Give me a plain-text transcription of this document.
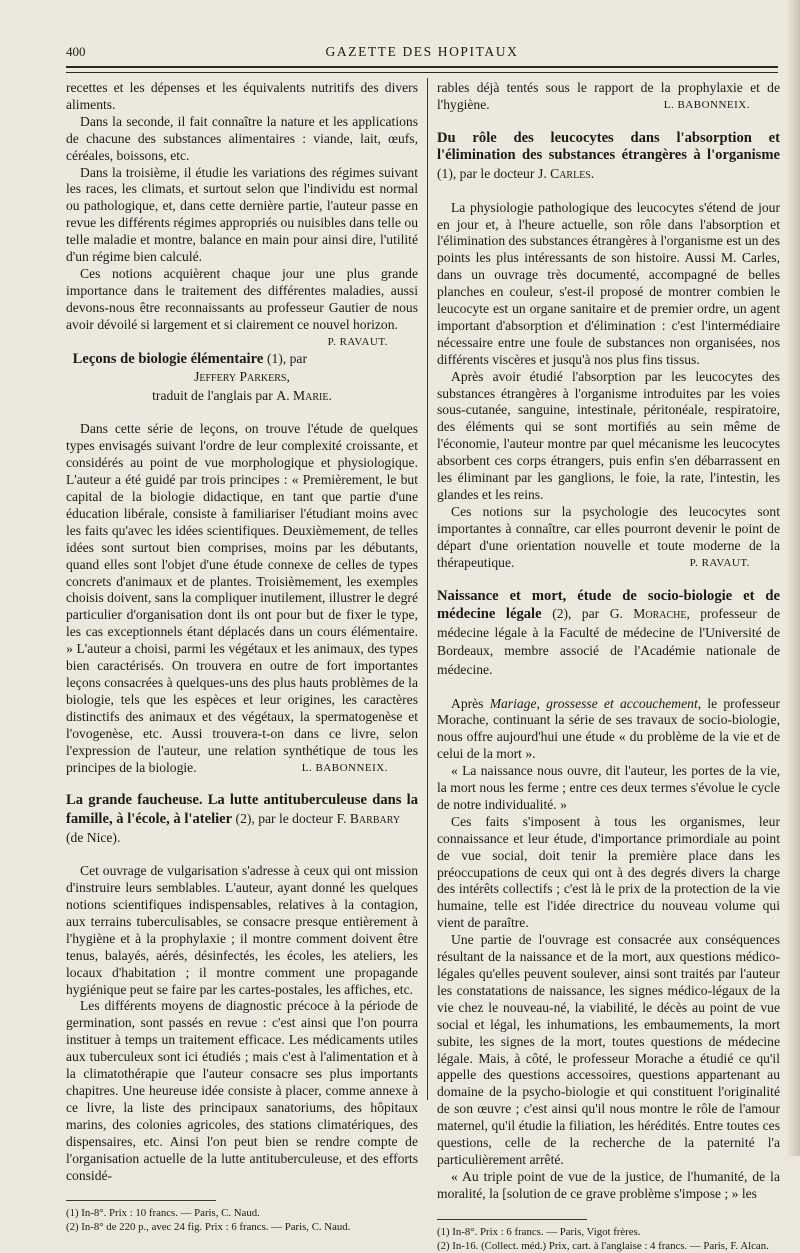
400	GAZETTE DES HOPITAUX

recettes et les dépenses et les équivalents nutritifs des divers aliments.

Dans la seconde, il fait connaître la nature et les applications de chacune des substances alimentaires : viande, lait, œufs, céréales, boissons, etc.

Dans la troisième, il étudie les variations des régimes suivant les races, les climats, et surtout selon que l'individu est normal ou pathologique, et, dans cette dernière partie, l'auteur passe en revue les différents régimes appropriés ou nuisibles dans telle ou telle maladie et montre, balance en main pour ainsi dire, l'utilité d'un régime bien calculé.

Ces notions acquièrent chaque jour une plus grande importance dans le traitement des différentes maladies, aussi devons-nous être reconnaissants au professeur Gautier de nous avoir dévoilé si largement et si clairement ce nouvel horizon.
P. RAVAUT.

Leçons de biologie élémentaire (1), par Jeffery Parkers,
traduit de l'anglais par A. Marie.

Dans cette série de leçons, on trouve l'étude de quelques types envisagés suivant l'ordre de leur complexité croissante, et considérés au point de vue morphologique et physiologique. L'auteur a été guidé par trois principes : « Premièrement, le but capital de la biologie didactique, en tant que partie d'une éducation libérale, consiste à familiariser l'étudiant moins avec les faits qu'avec les idées scientifiques. Deuxièmement, de telles idées sont surtout bien comprises, moins par les débutants, quand elles sont l'objet d'une étude connexe de celles de types concrets d'animaux et de plantes. Troisièmement, les exemples choisis doivent, sans la compliquer inutilement, illustrer le degré particulier d'organisation dont ils ont pour but de fixer le type, les cas exceptionnels étant déplacés dans un cours élémentaire. » L'auteur a choisi, parmi les végétaux et les animaux, des types bien caractérisés. On trouvera en outre de fort importantes leçons consacrées à quelques-uns des plus hauts problèmes de la biologie, tels que les espèces et leur origines, les caractères distinctifs des animaux et des végétaux, la spermatogenèse et l'ovogenèse, etc. Aussi trouvera-t-on dans ce livre, selon l'expression de l'auteur, une relation synthétique de tous les principes de la biologie.	L. BABONNEIX.

La grande faucheuse. La lutte antituberculeuse dans la famille, à l'école, à l'atelier (2), par le docteur F. Barbary
(de Nice).

Cet ouvrage de vulgarisation s'adresse à ceux qui ont mission d'instruire leurs semblables. L'auteur, ayant donné les quelques notions scientifiques indispensables, relatives à la contagion, aux terrains tuberculisables, se consacre presque entièrement à l'hygiène et à la prophylaxie ; il montre comment doivent être tenus, balayés, aérés, désinfectés, les écoles, les ateliers, les locaux d'habitation ; il montre comment une propagande hygiénique peut se faire par les cartes-postales, les affiches, etc.

Les différents moyens de diagnostic précoce à la période de germination, sont passés en revue : c'est ainsi que l'on pourra instituer à temps un traitement efficace. Les médicaments utiles aux tuberculeux sont ici étudiés ; mais c'est à l'alimentation et à la climatothérapie que l'auteur consacre ses plus importants chapitres. Une heureuse idée consiste à placer, comme annexe à ce livre, la liste des principaux sanatoriums, des hôpitaux marins, des colonies agricoles, des stations climatériques, des dispensaires, etc. Ainsi l'on peut bien se rendre compte de l'organisation actuelle de la lutte antituberculeuse, et des efforts considé-

(1) In-8°. Prix : 10 francs. — Paris, C. Naud.

(2) In-8° de 220 p., avec 24 fig. Prix : 6 francs. — Paris, C. Naud.

rables déjà tentés sous le rapport de la prophylaxie et de l'hygiène.	L. BABONNEIX.

Du rôle des leucocytes dans l'absorption et l'élimination des substances étrangères à l'organisme (1), par le docteur J. Carles.

La physiologie pathologique des leucocytes s'étend de jour en jour et, à l'heure actuelle, son rôle dans l'absorption et l'élimination des substances étrangères à l'organisme est un des points les plus intéressants de son histoire. Aussi M. Carles, dans un ouvrage très documenté, accompagné de belles planches en couleur, s'est-il proposé de montrer combien le leucocyte est un organe sanitaire et de premier ordre, un agent important d'absorption et d'élimination : c'est l'intermédiaire nécessaire entre une foule de substances non organisées, nos différents viscères et jusqu'à nos plus fins tissus.

Après avoir étudié l'absorption par les leucocytes des substances étrangères à l'organisme introduites par les voies sous-cutanée, sanguine, intestinale, péritonéale, respiratoire, des éléments qui se sont mortifiés au sein même de l'économie, l'auteur montre par quel mécanisme les leucocytes absorbent ces corps étrangers, puis enfin s'en débarrassent en les éliminant par les ganglions, le foie, la rate, l'intestin, les glandes et les reins.

Ces notions sur la psychologie des leucocytes sont importantes à connaître, car elles pourront devenir le point de départ d'une orientation nouvelle et toute moderne de la thérapeutique.	P. RAVAUT.

Naissance et mort, étude de socio-biologie et de médecine légale (2), par G. Morache, professeur de médecine légale à la Faculté de médecine de l'Université de Bordeaux, membre associé de l'Académie nationale de médecine.

Après Mariage, grossesse et accouchement, le professeur Morache, continuant la série de ses travaux de socio-biologie, nous offre aujourd'hui une étude « du problème de la vie et de celui de la mort ».

« La naissance nous ouvre, dit l'auteur, les portes de la vie, la mort nous les ferme ; entre ces deux termes s'évolue le cycle de notre individualité. »

Ces faits s'imposent à tous les organismes, leur connaissance et leur étude, d'importance primordiale au point de vue social, doit tenir la première place dans les préoccupations de ceux qui ont à des degrés divers la charge des intérêts collectifs ; c'est là le prix de la protection de la vie humaine, telle est l'idée directrice du nouveau volume qui vient de paraître.

Une partie de l'ouvrage est consacrée aux conséquences résultant de la naissance et de la mort, aux questions médico-légales qu'elles peuvent soulever, ainsi sont traités par l'auteur les constatations de naissance, les signes médico-légaux de la vie chez le nouveau-né, la viabilité, le décès au point de vue social et légal, les inhumations, les embaumements, la mort subite, les signes de la mort, toutes questions de médecine légale. Mais, à côté, le professeur Morache a étudié ce qu'il appelle des questions accessoires, questions appartenant au domaine de la psycho-biologie et qui constituent l'originalité de son œuvre ; c'est ainsi qu'il nous montre le rôle de l'amour maternel, qu'il étudie la filiation, les hérédités. Entre toutes ces questions, celle de la recherche de la paternité l'a particulièrement arrêté.

« Au triple point de vue de la justice, de l'humanité, de la moralité, la [solution de ce grave problème s'impose ; » les

(1) In-8°. Prix : 6 francs. — Paris, Vigot frères.

(2) In-16. (Collect. méd.) Prix, cart. à l'anglaise : 4 francs. — Paris, F. Alcan.
